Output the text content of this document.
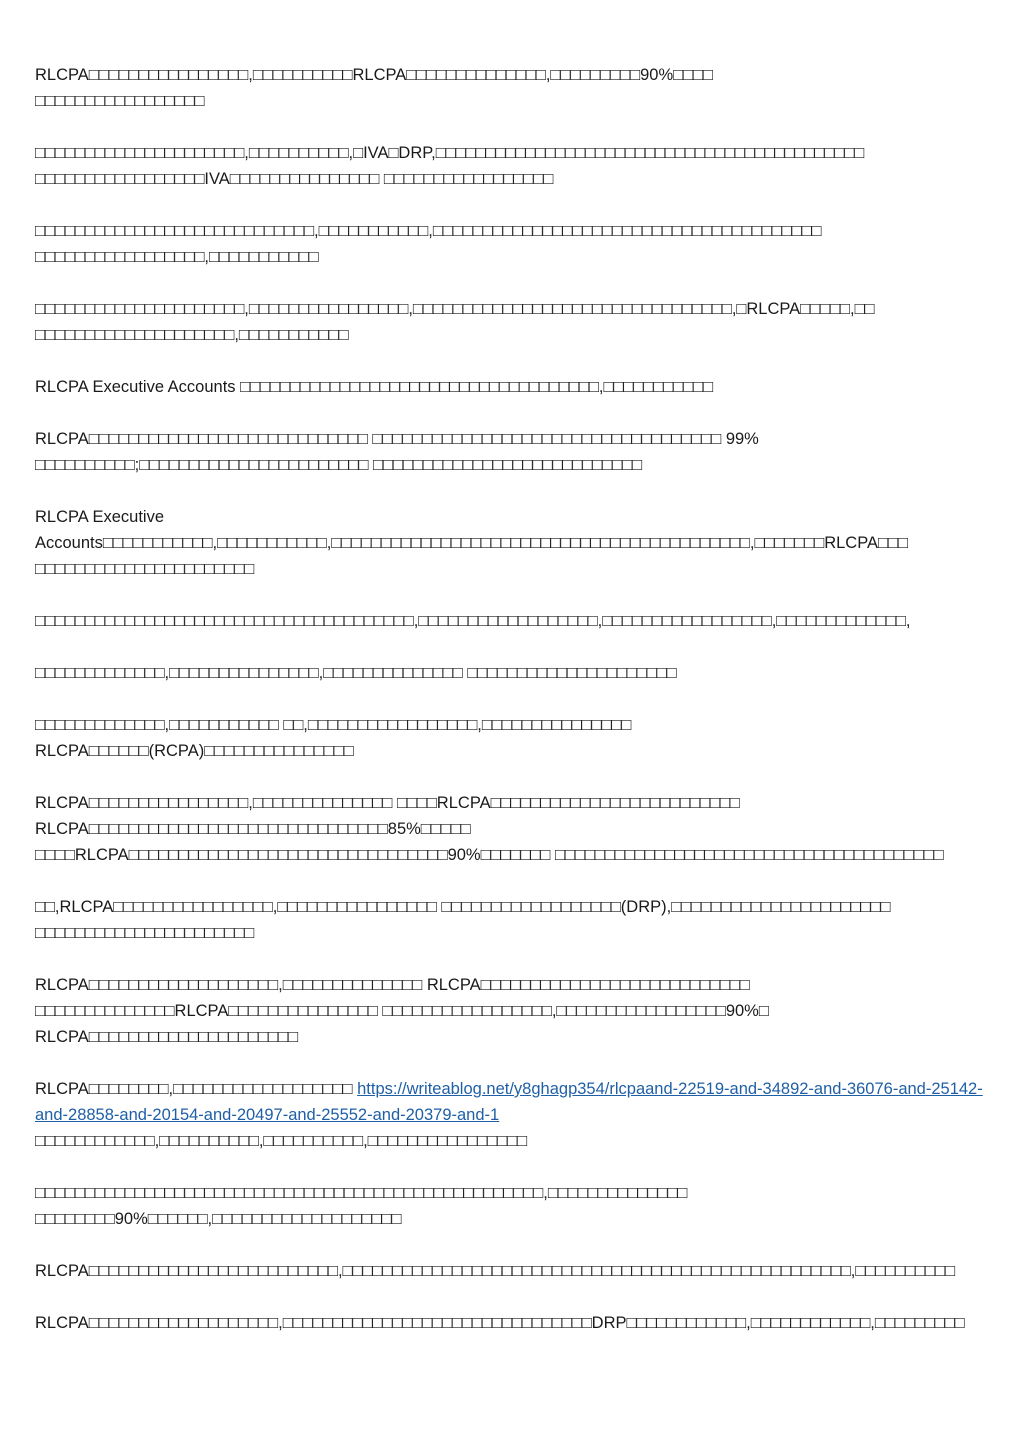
RLCPA□□□□□□□□□□□□□□□□,□□□□□□□□□□RLCPA□□□□□□□□□□□□□□,□□□□□□□□□90%□□□□
□□□□□□□□□□□□□□□□□

□□□□□□□□□□□□□□□□□□□□□,□□□□□□□□□□,□IVA□DRP,□□□□□□□□□□□□□□□□□□□□□□□□□□□□□□□□□□□□□□□□□□□
□□□□□□□□□□□□□□□□□IVA□□□□□□□□□□□□□□□ □□□□□□□□□□□□□□□□□

□□□□□□□□□□□□□□□□□□□□□□□□□□□□,□□□□□□□□□□□,□□□□□□□□□□□□□□□□□□□□□□□□□□□□□□□□□□□□□□□
□□□□□□□□□□□□□□□□□,□□□□□□□□□□□

□□□□□□□□□□□□□□□□□□□□□,□□□□□□□□□□□□□□□□,□□□□□□□□□□□□□□□□□□□□□□□□□□□□□□□□,□RLCPA□□□□□,□□
□□□□□□□□□□□□□□□□□□□□,□□□□□□□□□□□

RLCPA Executive Accounts □□□□□□□□□□□□□□□□□□□□□□□□□□□□□□□□□□□□,□□□□□□□□□□□

RLCPA□□□□□□□□□□□□□□□□□□□□□□□□□□□□ □□□□□□□□□□□□□□□□□□□□□□□□□□□□□□□□□□□ 99%
□□□□□□□□□□;□□□□□□□□□□□□□□□□□□□□□□□ □□□□□□□□□□□□□□□□□□□□□□□□□□□

RLCPA Executive
Accounts□□□□□□□□□□□,□□□□□□□□□□□,□□□□□□□□□□□□□□□□□□□□□□□□□□□□□□□□□□□□□□□□□□,□□□□□□□RLCPA□□□
□□□□□□□□□□□□□□□□□□□□□□

□□□□□□□□□□□□□□□□□□□□□□□□□□□□□□□□□□□□□□,□□□□□□□□□□□□□□□□□□,□□□□□□□□□□□□□□□□□,□□□□□□□□□□□□□,

□□□□□□□□□□□□□,□□□□□□□□□□□□□□□,□□□□□□□□□□□□□□ □□□□□□□□□□□□□□□□□□□□□

□□□□□□□□□□□□□,□□□□□□□□□□□ □□,□□□□□□□□□□□□□□□□□,□□□□□□□□□□□□□□□
RLCPA□□□□□□(RCPA)□□□□□□□□□□□□□□□

RLCPA□□□□□□□□□□□□□□□□,□□□□□□□□□□□□□□ □□□□RLCPA□□□□□□□□□□□□□□□□□□□□□□□□□
RLCPA□□□□□□□□□□□□□□□□□□□□□□□□□□□□□□85%□□□□□
□□□□RLCPA□□□□□□□□□□□□□□□□□□□□□□□□□□□□□□□□90%□□□□□□□ □□□□□□□□□□□□□□□□□□□□□□□□□□□□□□□□□□□□□□□

□□,RLCPA□□□□□□□□□□□□□□□□,□□□□□□□□□□□□□□□□ □□□□□□□□□□□□□□□□□□(DRP),□□□□□□□□□□□□□□□□□□□□□□
□□□□□□□□□□□□□□□□□□□□□□

RLCPA□□□□□□□□□□□□□□□□□□□,□□□□□□□□□□□□□□ RLCPA□□□□□□□□□□□□□□□□□□□□□□□□□□□
□□□□□□□□□□□□□□RLCPA□□□□□□□□□□□□□□□ □□□□□□□□□□□□□□□□□,□□□□□□□□□□□□□□□□□90%□
RLCPA□□□□□□□□□□□□□□□□□□□□□

RLCPA□□□□□□□□,□□□□□□□□□□□□□□□□□□ https://writeablog.net/y8ghagp354/rlcpaand-22519-and-34892-and-36076-and-25142-and-28858-and-20154-and-20497-and-25552-and-20379-and-1
□□□□□□□□□□□□,□□□□□□□□□□,□□□□□□□□□□,□□□□□□□□□□□□□□□□

□□□□□□□□□□□□□□□□□□□□□□□□□□□□□□□□□□□□□□□□□□□□□□□□□□□,□□□□□□□□□□□□□□
□□□□□□□□90%□□□□□□,□□□□□□□□□□□□□□□□□□□

RLCPA□□□□□□□□□□□□□□□□□□□□□□□□□,□□□□□□□□□□□□□□□□□□□□□□□□□□□□□□□□□□□□□□□□□□□□□□□□□□□,□□□□□□□□□□

RLCPA□□□□□□□□□□□□□□□□□□□,□□□□□□□□□□□□□□□□□□□□□□□□□□□□□□□DRP□□□□□□□□□□□□,□□□□□□□□□□□□,□□□□□□□□□
